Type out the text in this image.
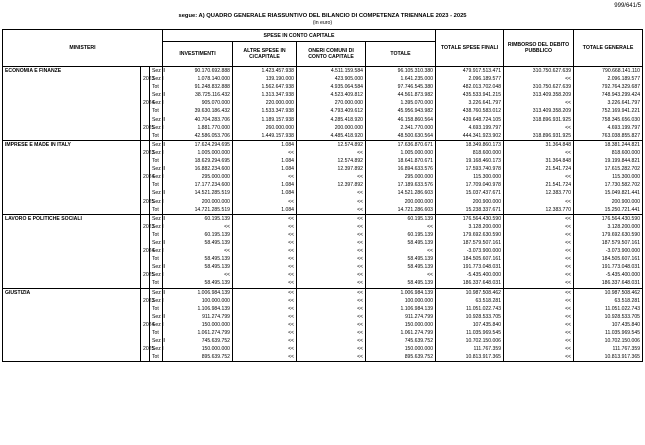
999/641/5
segue: A) QUADRO GENERALE RIASSUNTIVO DEL BILANCIO DI COMPETENZA TRIENNALE 2023 - 2025
(in euro)
MINISTERI			SPESE IN CONTO CAPITALE				TOTALE SPESE FINALI	RIMBORSO DEL DEBITO PUBBLICO	TOTALE GENERALE
			INVESTIMENTI	ALTRE SPESE IN C/CAPITALE	ONERI COMUNI DI CONTO CAPITALE	TOTALE			
ECONOMIA E FINANZE		Sez II	90.170.692.888	1.423.457.938	4.511.159.584	96.105.310.380	479.917.513.471	310.750.627.639	790.668.141.110
	2023	Sez I	1.078.140.000	139.190.000	423.905.000	1.641.235.000	2.096.189.577	<<	2.096.189.577
		Tot	91.248.832.888	1.562.647.938	4.935.064.584	97.746.545.380	482.013.702.048	310.750.627.639	792.764.329.687
		Sez II	38.725.116.432	1.313.347.938	4.523.409.812	44.561.873.982	435.533.941.215	313.409.358.209	748.943.299.424
	2024	Sez I	905.070.000	220.000.000	270.000.000	1.395.070.000	3.226.641.797	<<	3.226.641.797
		Tot	39.630.186.432	1.533.347.938	4.793.409.612	45.956.943.982	438.760.583.012	313.409.358.209	752.169.941.221
		Sez II	40.704.283.706	1.189.157.938	4.285.418.920	46.158.860.564	439.648.724.105	318.896.931.925	758.345.656.030
	2025	Sez I	1.881.770.000	260.000.000	200.000.000	2.341.770.000	4.693.199.797	<<	4.693.199.797
		Tot	42.586.053.706	1.449.157.938	4.485.418.920	48.500.630.564	444.341.923.902	318.896.931.925	763.038.855.827
IMPRESE E MADE IN ITALY		Sez II	17.624.294.695	1.084	12.574.892	17.636.870.671	18.349.860.173	31.364.848	18.381.244.821
	2023	Sez I	1.005.000.000	<<	<<	1.005.000.000	818.600.000	<<	818.600.000
		Tot	18.629.294.695	1.084	12.574.892	18.641.870.671	19.168.460.173	31.364.848	19.199.844.821
		Sez II	16.882.234.600	1.084	12.397.892	16.894.633.576	17.593.740.978	21.541.724	17.615.282.702
	2024	Sez I	295.000.000	<<	<<	295.000.000	115.300.000	<<	115.300.000
		Tot	17.177.234.600	1.084	12.397.892	17.189.633.576	17.709.040.978	21.541.724	17.730.582.702
		Sez II	14.521.285.519	1.084	<<	14.521.286.603	15.037.437.671	12.383.770	15.049.821.441
	2025	Sez I	200.000.000	<<	<<	200.000.000	200.900.000	<<	200.900.000
		Tot	14.721.285.519	1.084	<<	14.721.286.603	15.238.337.671	12.383.770	15.250.721.441
LAVORO E POLITICHE SOCIALI		Sez II	60.195.139	<<	<<	60.195.139	176.564.430.590	<<	176.564.430.590
	2023	Sez I	<<	<<	<<	<<	3.128.200.000	<<	3.128.200.000
		Tot	60.195.139	<<	<<	60.195.139	179.692.630.590	<<	179.692.630.590
		Sez II	58.495.139	<<	<<	58.495.139	187.579.507.161	<<	187.579.507.161
	2024	Sez I	<<	<<	<<	<<	-3.073.900.000	<<	-3.073.900.000
		Tot	58.495.139	<<	<<	58.495.139	184.505.607.161	<<	184.505.607.161
		Sez II	58.495.139	<<	<<	58.495.139	191.773.048.031	<<	191.773.048.031
	2025	Sez I	<<	<<	<<	<<	-5.435.400.000	<<	-5.435.400.000
		Tot	58.495.139	<<	<<	58.495.139	186.337.648.031	<<	186.337.648.031
GIUSTIZIA		Sez II	1.006.984.139	<<	<<	1.006.984.139	10.987.508.462	<<	10.987.508.462
	2023	Sez I	100.000.000	<<	<<	100.000.000	63.518.281	<<	63.518.281
		Tot	1.106.984.139	<<	<<	1.106.984.139	11.051.022.743	<<	11.051.022.743
		Sez II	911.274.799	<<	<<	911.274.799	10.928.533.705	<<	10.928.533.705
	2024	Sez I	150.000.000	<<	<<	150.000.000	107.435.840	<<	107.435.840
		Tot	1.061.274.799	<<	<<	1.061.274.799	11.035.969.545	<<	11.035.969.545
		Sez II	745.639.752	<<	<<	745.639.752	10.702.150.006	<<	10.702.150.006
	2025	Sez I	150.000.000	<<	<<	150.000.000	111.767.359	<<	111.767.359
		Tot	895.639.752	<<	<<	895.639.752	10.813.917.365	<<	10.813.917.365
